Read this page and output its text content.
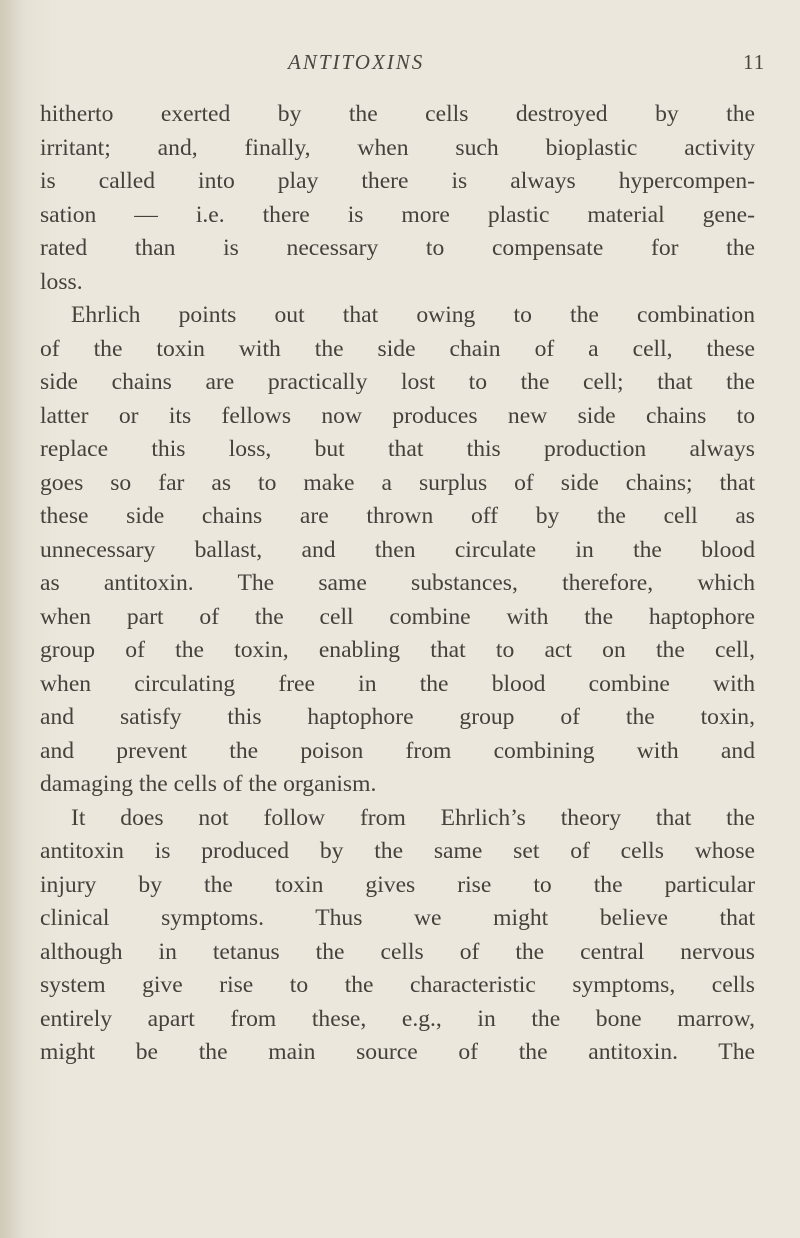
ANTITOXINS	11
hitherto exerted by the cells destroyed by the
irritant; and, finally, when such bioplastic activity
is called into play there is always hypercompen-
sation — i.e. there is more plastic material gene-
rated than is necessary to compensate for the
loss.
Ehrlich points out that owing to the combination
of the toxin with the side chain of a cell, these
side chains are practically lost to the cell; that the
latter or its fellows now produces new side chains to
replace this loss, but that this production always
goes so far as to make a surplus of side chains; that
these side chains are thrown off by the cell as
unnecessary ballast, and then circulate in the blood
as antitoxin. The same substances, therefore, which
when part of the cell combine with the haptophore
group of the toxin, enabling that to act on the cell,
when circulating free in the blood combine with
and satisfy this haptophore group of the toxin,
and prevent the poison from combining with and
damaging the cells of the organism.
It does not follow from Ehrlich’s theory that the
antitoxin is produced by the same set of cells whose
injury by the toxin gives rise to the particular
clinical symptoms. Thus we might believe that
although in tetanus the cells of the central nervous
system give rise to the characteristic symptoms, cells
entirely apart from these, e.g., in the bone marrow,
might be the main source of the antitoxin. The
